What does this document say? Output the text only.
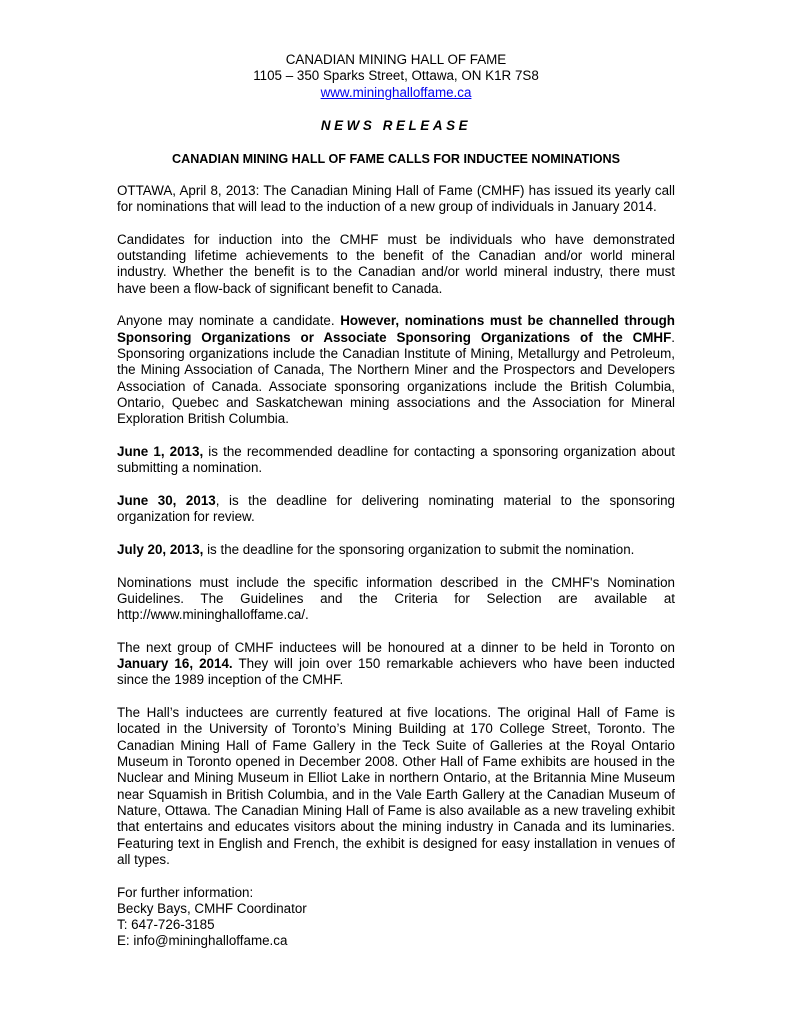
CANADIAN MINING HALL OF FAME
1105 – 350 Sparks Street, Ottawa, ON K1R 7S8
www.mininghalloffame.ca
NEWS RELEASE
CANADIAN MINING HALL OF FAME CALLS FOR INDUCTEE NOMINATIONS

OTTAWA, April 8, 2013: The Canadian Mining Hall of Fame (CMHF) has issued its yearly call for nominations that will lead to the induction of a new group of individuals in January 2014.

Candidates for induction into the CMHF must be individuals who have demonstrated outstanding lifetime achievements to the benefit of the Canadian and/or world mineral industry. Whether the benefit is to the Canadian and/or world mineral industry, there must have been a flow-back of significant benefit to Canada.

Anyone may nominate a candidate. However, nominations must be channelled through Sponsoring Organizations or Associate Sponsoring Organizations of the CMHF. Sponsoring organizations include the Canadian Institute of Mining, Metallurgy and Petroleum, the Mining Association of Canada, The Northern Miner and the Prospectors and Developers Association of Canada. Associate sponsoring organizations include the British Columbia, Ontario, Quebec and Saskatchewan mining associations and the Association for Mineral Exploration British Columbia.

June 1, 2013, is the recommended deadline for contacting a sponsoring organization about submitting a nomination.

June 30, 2013, is the deadline for delivering nominating material to the sponsoring organization for review.

July 20, 2013, is the deadline for the sponsoring organization to submit the nomination.

Nominations must include the specific information described in the CMHF's Nomination Guidelines. The Guidelines and the Criteria for Selection are available at http://www.mininghalloffame.ca/.

The next group of CMHF inductees will be honoured at a dinner to be held in Toronto on January 16, 2014. They will join over 150 remarkable achievers who have been inducted since the 1989 inception of the CMHF.

The Hall’s inductees are currently featured at five locations. The original Hall of Fame is located in the University of Toronto’s Mining Building at 170 College Street, Toronto. The Canadian Mining Hall of Fame Gallery in the Teck Suite of Galleries at the Royal Ontario Museum in Toronto opened in December 2008. Other Hall of Fame exhibits are housed in the Nuclear and Mining Museum in Elliot Lake in northern Ontario, at the Britannia Mine Museum near Squamish in British Columbia, and in the Vale Earth Gallery at the Canadian Museum of Nature, Ottawa. The Canadian Mining Hall of Fame is also available as a new traveling exhibit that entertains and educates visitors about the mining industry in Canada and its luminaries. Featuring text in English and French, the exhibit is designed for easy installation in venues of all types.

For further information:

Becky Bays, CMHF Coordinator

T: 647-726-3185

E: info@mininghalloffame.ca
